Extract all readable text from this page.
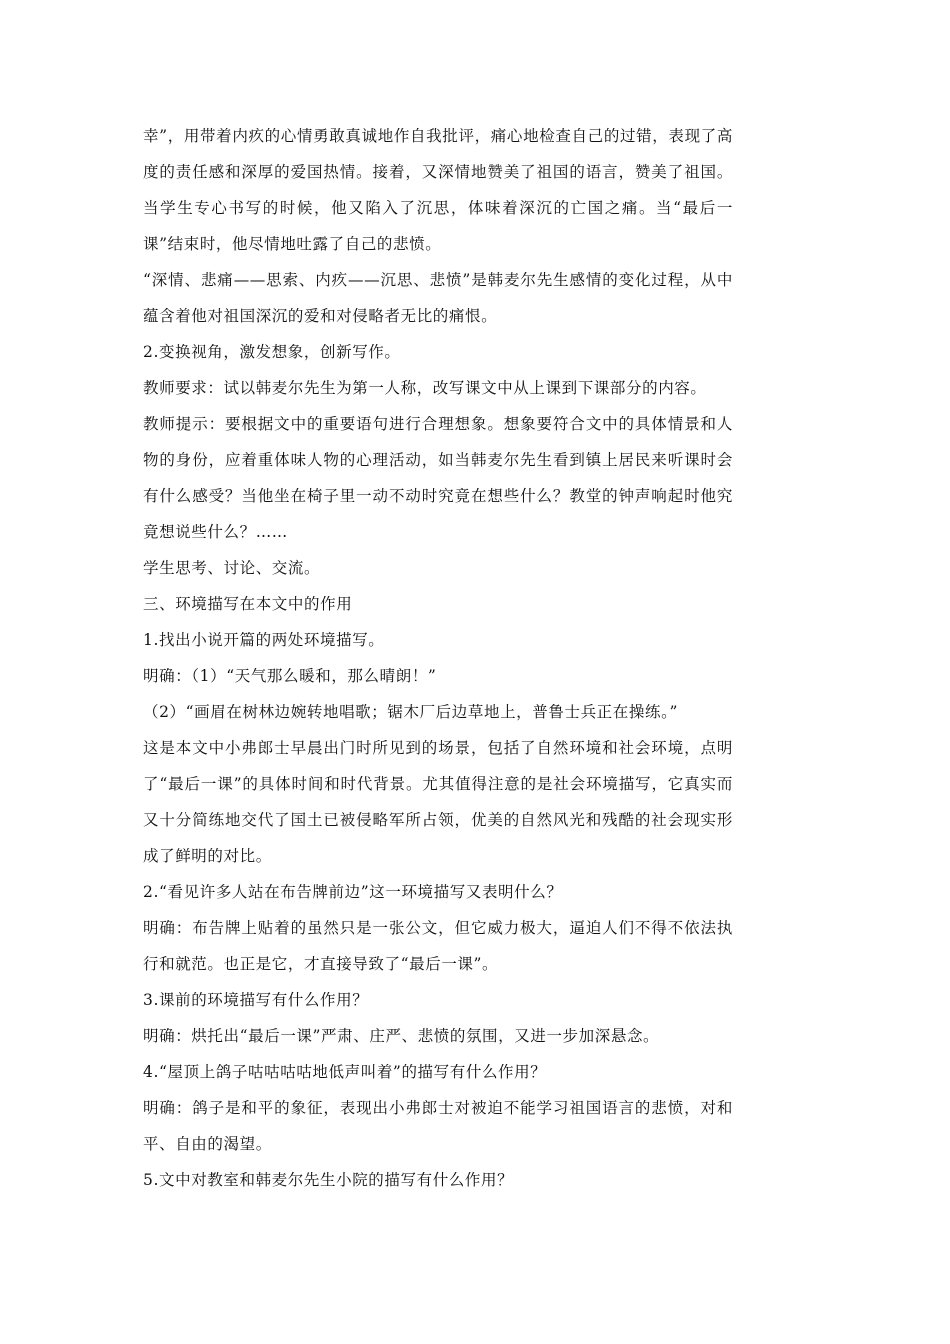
幸”，用带着内疚的心情勇敢真诚地作自我批评，痛心地检查自己的过错，表现了高度的责任感和深厚的爱国热情。接着，又深情地赞美了祖国的语言，赞美了祖国。当学生专心书写的时候，他又陷入了沉思，体味着深沉的亡国之痛。当“最后一课”结束时，他尽情地吐露了自己的悲愤。

“深情、悲痛——思索、内疚——沉思、悲愤”是韩麦尔先生感情的变化过程，从中蕴含着他对祖国深沉的爱和对侵略者无比的痛恨。

2.变换视角，激发想象，创新写作。

教师要求：试以韩麦尔先生为第一人称，改写课文中从上课到下课部分的内容。

教师提示：要根据文中的重要语句进行合理想象。想象要符合文中的具体情景和人物的身份，应着重体味人物的心理活动，如当韩麦尔先生看到镇上居民来听课时会有什么感受？当他坐在椅子里一动不动时究竟在想些什么？教堂的钟声响起时他究竟想说些什么？……

学生思考、讨论、交流。

三、环境描写在本文中的作用

1.找出小说开篇的两处环境描写。

明确：（1）“天气那么暖和，那么晴朗！”

（2）“画眉在树林边婉转地唱歌；锯木厂后边草地上，普鲁士兵正在操练。”

这是本文中小弗郎士早晨出门时所见到的场景，包括了自然环境和社会环境，点明了“最后一课”的具体时间和时代背景。尤其值得注意的是社会环境描写，它真实而又十分简练地交代了国土已被侵略军所占领，优美的自然风光和残酷的社会现实形成了鲜明的对比。

2.“看见许多人站在布告牌前边”这一环境描写又表明什么？

明确：布告牌上贴着的虽然只是一张公文，但它威力极大，逼迫人们不得不依法执行和就范。也正是它，才直接导致了“最后一课”。

3.课前的环境描写有什么作用？

明确：烘托出“最后一课”严肃、庄严、悲愤的氛围，又进一步加深悬念。

4.“屋顶上鸽子咕咕咕咕地低声叫着”的描写有什么作用？

明确：鸽子是和平的象征，表现出小弗郎士对被迫不能学习祖国语言的悲愤，对和平、自由的渴望。

5.文中对教室和韩麦尔先生小院的描写有什么作用？
